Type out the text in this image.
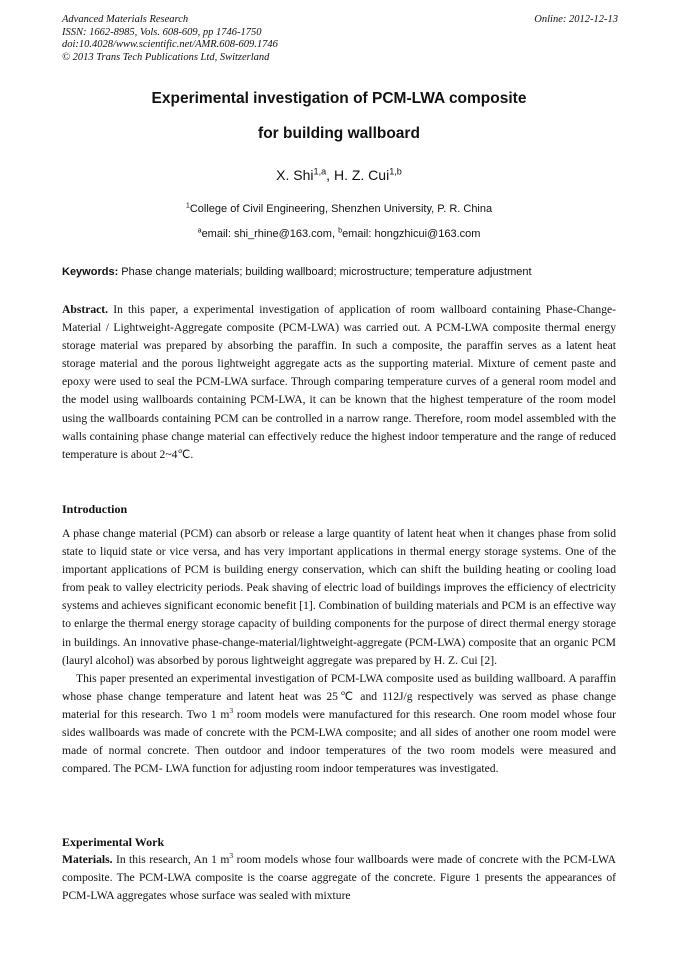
Advanced Materials Research
ISSN: 1662-8985, Vols. 608-609, pp 1746-1750
doi:10.4028/www.scientific.net/AMR.608-609.1746
© 2013 Trans Tech Publications Ltd, Switzerland
Online: 2012-12-13
Experimental investigation of PCM-LWA composite
for building wallboard
X. Shi$^{1,a}$, H. Z. Cui$^{1,b}$
$^1$College of Civil Engineering, Shenzhen University, P. R. China
$^a$email: shi_rhine@163.com, $^b$email: hongzhicui@163.com
Keywords: Phase change materials; building wallboard; microstructure; temperature adjustment
Abstract. In this paper, a experimental investigation of application of room wallboard containing Phase-Change-Material / Lightweight-Aggregate composite (PCM-LWA) was carried out. A PCM-LWA composite thermal energy storage material was prepared by absorbing the paraffin. In such a composite, the paraffin serves as a latent heat storage material and the porous lightweight aggregate acts as the supporting material. Mixture of cement paste and epoxy were used to seal the PCM-LWA surface. Through comparing temperature curves of a general room model and the model using wallboards containing PCM-LWA, it can be known that the highest temperature of the room model using the wallboards containing PCM can be controlled in a narrow range. Therefore, room model assembled with the walls containing phase change material can effectively reduce the highest indoor temperature and the range of reduced temperature is about 2~4℃.
Introduction
A phase change material (PCM) can absorb or release a large quantity of latent heat when it changes phase from solid state to liquid state or vice versa, and has very important applications in thermal energy storage systems. One of the important applications of PCM is building energy conservation, which can shift the building heating or cooling load from peak to valley electricity periods. Peak shaving of electric load of buildings improves the efficiency of electricity systems and achieves significant economic benefit [1]. Combination of building materials and PCM is an effective way to enlarge the thermal energy storage capacity of building components for the purpose of direct thermal energy storage in buildings. An innovative phase-change-material/lightweight-aggregate (PCM-LWA) composite that an organic PCM (lauryl alcohol) was absorbed by porous lightweight aggregate was prepared by H. Z. Cui [2].
This paper presented an experimental investigation of PCM-LWA composite used as building wallboard. A paraffin whose phase change temperature and latent heat was 25℃ and 112J/g respectively was served as phase change material for this research. Two 1 $m^3$ room models were manufactured for this research. One room model whose four sides wallboards was made of concrete with the PCM-LWA composite; and all sides of another one room model were made of normal concrete. Then outdoor and indoor temperatures of the two room models were measured and compared. The PCM- LWA function for adjusting room indoor temperatures was investigated.
Experimental Work
Materials. In this research, An 1 $m^3$ room models whose four wallboards were made of concrete with the PCM-LWA composite. The PCM-LWA composite is the coarse aggregate of the concrete. Figure 1 presents the appearances of PCM-LWA aggregates whose surface was sealed with mixture
